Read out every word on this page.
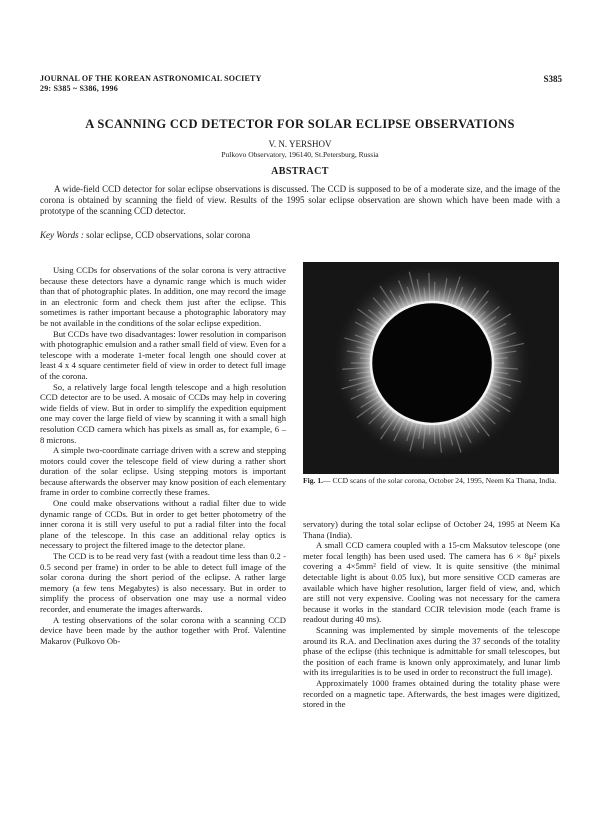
JOURNAL OF THE KOREAN ASTRONOMICAL SOCIETY
29: S385 ~ S386, 1996
S385
A SCANNING CCD DETECTOR FOR SOLAR ECLIPSE OBSERVATIONS
V. N. YERSHOV
Pulkovo Observatory, 196140, St.Petersburg, Russia
ABSTRACT

A wide-field CCD detector for solar eclipse observations is discussed. The CCD is supposed to be of a moderate size, and the image of the corona is obtained by scanning the field of view. Results of the 1995 solar eclipse observation are shown which have been made with a prototype of the scanning CCD detector.

Key Words : solar eclipse, CCD observations, solar corona

Using CCDs for observations of the solar corona is very attractive because these detectors have a dynamic range which is much wider than that of photographic plates. In addition, one may record the image in an electronic form and check them just after the eclipse. This sometimes is rather important because a photographic laboratory may be not available in the conditions of the solar eclipse expedition.

But CCDs have two disadvantages: lower resolution in comparison with photographic emulsion and a rather small field of view. Even for a telescope with a moderate 1-meter focal length one should cover at least 4 x 4 square centimeter field of view in order to detect full image of the corona.

So, a relatively large focal length telescope and a high resolution CCD detector are to be used. A mosaic of CCDs may help in covering wide fields of view. But in order to simplify the expedition equipment one may cover the large field of view by scanning it with a small high resolution CCD camera which has pixels as small as, for example, 6 – 8 microns.

A simple two-coordinate carriage driven with a screw and stepping motors could cover the telescope field of view during a rather short duration of the solar eclipse. Using stepping motors is important because afterwards the observer may know position of each elementary frame in order to combine correctly these frames.

One could make observations without a radial filter due to wide dynamic range of CCDs. But in order to get better photometry of the inner corona it is still very useful to put a radial filter into the focal plane of the telescope. In this case an additional relay optics is necessary to project the filtered image to the detector plane.

The CCD is to be read very fast (with a readout time less than 0.2 - 0.5 second per frame) in order to be able to detect full image of the solar corona during the short period of the eclipse. A rather large memory (a few tens Megabytes) is also necessary. But in order to simplify the process of observation one may use a normal video recorder, and enumerate the images afterwards.

A testing observations of the solar corona with a scanning CCD device have been made by the author together with Prof. Valentine Makarov (Pulkovo Ob-

Fig. 1.— CCD scans of the solar corona, October 24, 1995, Neem Ka Thana, India.

servatory) during the total solar eclipse of October 24, 1995 at Neem Ka Thana (India).

A small CCD camera coupled with a 15-cm Maksutov telescope (one meter focal length) has been used used. The camera has 6 × 8μ² pixels covering a 4×5mm² field of view. It is quite sensitive (the minimal detectable light is about 0.05 lux), but more sensitive CCD cameras are available which have higher resolution, larger field of view, and, which are still not very expensive. Cooling was not necessary for the camera because it works in the standard CCIR television mode (each frame is readout during 40 ms).

Scanning was implemented by simple movements of the telescope around its R.A. and Declination axes during the 37 seconds of the totality phase of the eclipse (this technique is admittable for small telescopes, but the position of each frame is known only approximately, and lunar limb with its irregularities is to be used in order to reconstruct the full image).

Approximately 1000 frames obtained during the totality phase were recorded on a magnetic tape. Afterwards, the best images were digitized, stored in the
